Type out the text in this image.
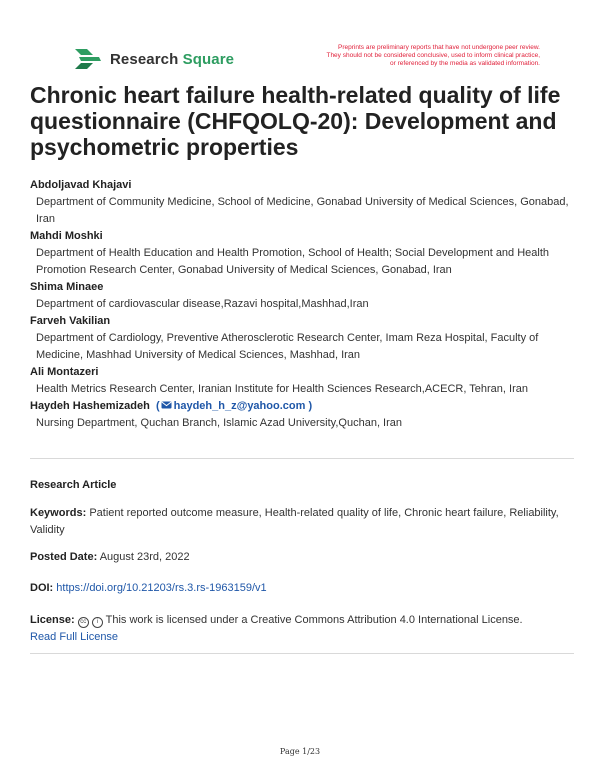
Research Square
Preprints are preliminary reports that have not undergone peer review.
They should not be considered conclusive, used to inform clinical practice,
or referenced by the media as validated information.
Chronic heart failure health-related quality of life questionnaire (CHFQOLQ-20): Development and psychometric properties
Abdoljavad Khajavi
Department of Community Medicine, School of Medicine, Gonabad University of Medical Sciences, Gonabad, Iran
Mahdi Moshki
Department of Health Education and Health Promotion, School of Health; Social Development and Health Promotion Research Center, Gonabad University of Medical Sciences, Gonabad, Iran
Shima Minaee
Department of cardiovascular disease,Razavi hospital,Mashhad,Iran
Farveh Vakilian
Department of Cardiology, Preventive Atherosclerotic Research Center, Imam Reza Hospital, Faculty of Medicine, Mashhad University of Medical Sciences, Mashhad, Iran
Ali Montazeri
Health Metrics Research Center, Iranian Institute for Health Sciences Research,ACECR, Tehran, Iran
Haydeh Hashemizadeh  ( haydeh_h_z@yahoo.com )
Nursing Department, Quchan Branch, Islamic Azad University,Quchan, Iran
Research Article
Keywords: Patient reported outcome measure, Health-related quality of life, Chronic heart failure, Reliability, Validity
Posted Date: August 23rd, 2022
DOI: https://doi.org/10.21203/rs.3.rs-1963159/v1
License: cc i This work is licensed under a Creative Commons Attribution 4.0 International License.
Read Full License
Page 1/23
